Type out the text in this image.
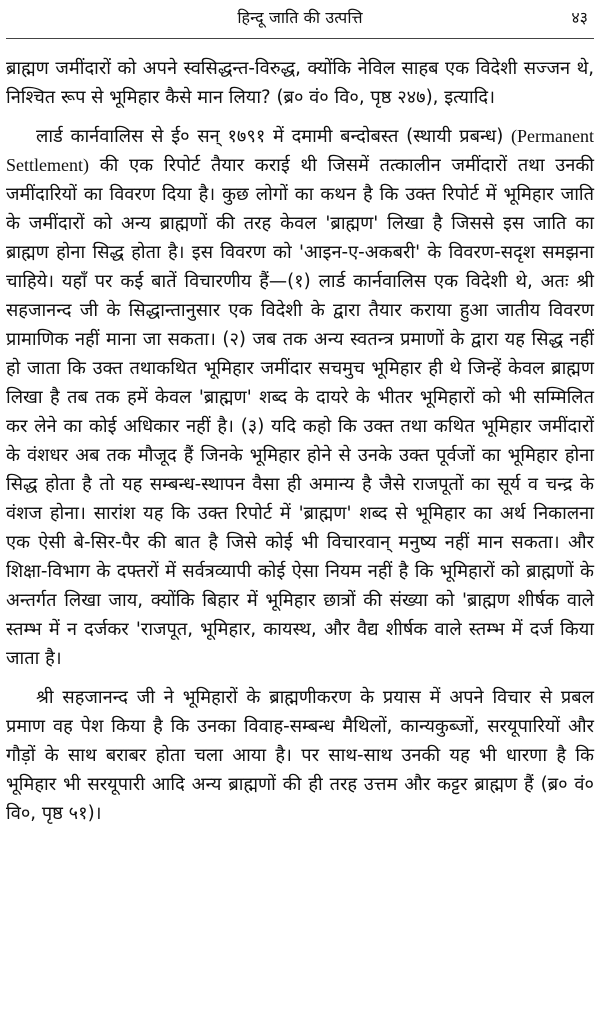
हिन्दू जाति की उत्पत्ति	४३

ब्राह्मण जमींदारों को अपने स्वसिद्धन्त-विरुद्ध, क्योंकि नेविल साहब एक विदेशी सज्जन थे, निश्चित रूप से भूमिहार कैसे मान लिया? (ब्र० वं० वि०, पृष्ठ २४७), इत्यादि।

लार्ड कार्नवालिस से ई० सन् १७९१ में दमामी बन्दोबस्त (स्थायी प्रबन्ध) (Permanent Settlement) की एक रिपोर्ट तैयार कराई थी जिसमें तत्कालीन जमींदारों तथा उनकी जमींदारियों का विवरण दिया है। कुछ लोगों का कथन है कि उक्त रिपोर्ट में भूमिहार जाति के जमींदारों को अन्य ब्राह्मणों की तरह केवल 'ब्राह्मण' लिखा है जिससे इस जाति का ब्राह्मण होना सिद्ध होता है। इस विवरण को 'आइन-ए-अकबरी' के विवरण-सदृश समझना चाहिये। यहाँ पर कई बातें विचारणीय हैं—(१) लार्ड कार्नवालिस एक विदेशी थे, अतः श्री सहजानन्द जी के सिद्धान्तानुसार एक विदेशी के द्वारा तैयार कराया हुआ जातीय विवरण प्रामाणिक नहीं माना जा सकता। (२) जब तक अन्य स्वतन्त्र प्रमाणों के द्वारा यह सिद्ध नहीं हो जाता कि उक्त तथाकथित भूमिहार जमींदार सचमुच भूमिहार ही थे जिन्हें केवल ब्राह्मण लिखा है तब तक हमें केवल 'ब्राह्मण' शब्द के दायरे के भीतर भूमिहारों को भी सम्मिलित कर लेने का कोई अधिकार नहीं है। (३) यदि कहो कि उक्त तथा कथित भूमिहार जमींदारों के वंशधर अब तक मौजूद हैं जिनके भूमिहार होने से उनके उक्त पूर्वजों का भूमिहार होना सिद्ध होता है तो यह सम्बन्ध-स्थापन वैसा ही अमान्य है जैसे राजपूतों का सूर्य व चन्द्र के वंशज होना। सारांश यह कि उक्त रिपोर्ट में 'ब्राह्मण' शब्द से भूमिहार का अर्थ निकालना एक ऐसी बे-सिर-पैर की बात है जिसे कोई भी विचारवान् मनुष्य नहीं मान सकता। और शिक्षा-विभाग के दफ्तरों में सर्वत्रव्यापी कोई ऐसा नियम नहीं है कि भूमिहारों को ब्राह्मणों के अन्तर्गत लिखा जाय, क्योंकि बिहार में भूमिहार छात्रों की संख्या को 'ब्राह्मण शीर्षक वाले स्तम्भ में न दर्जकर 'राजपूत, भूमिहार, कायस्थ, और वैद्य शीर्षक वाले स्तम्भ में दर्ज किया जाता है।

श्री सहजानन्द जी ने भूमिहारों के ब्राह्मणीकरण के प्रयास में अपने विचार से प्रबल प्रमाण वह पेश किया है कि उनका विवाह-सम्बन्ध मैथिलों, कान्यकुब्जों, सरयूपारियों और गौड़ों के साथ बराबर होता चला आया है। पर साथ-साथ उनकी यह भी धारणा है कि भूमिहार भी सरयूपारी आदि अन्य ब्राह्मणों की ही तरह उत्तम और कट्टर ब्राह्मण हैं (ब्र० वं० वि०, पृष्ठ ५१)।
